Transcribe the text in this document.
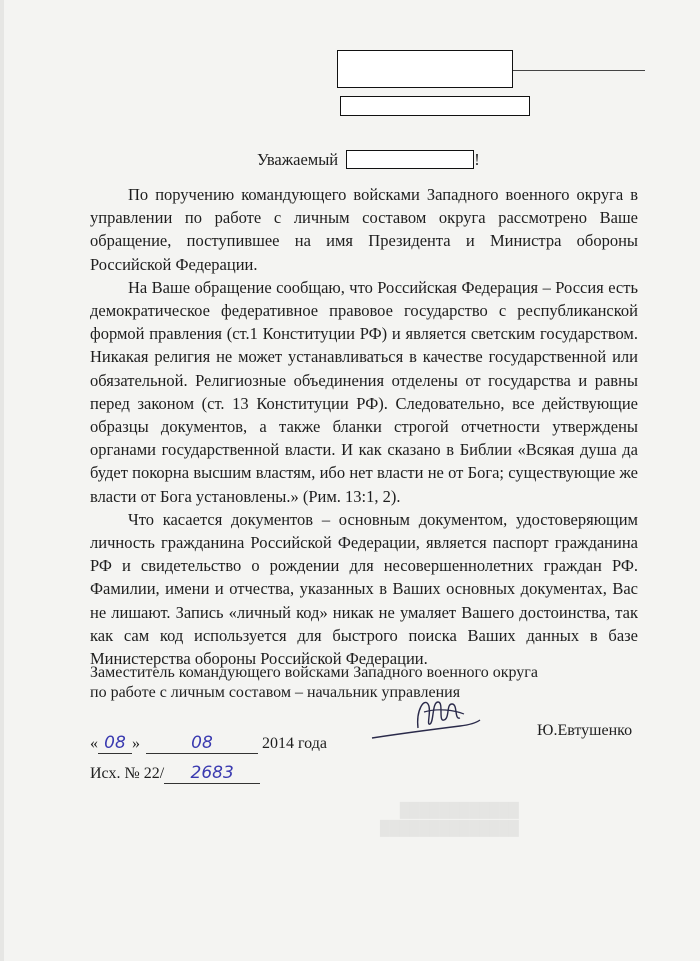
Уважаемый	!

По поручению командующего войсками Западного военного округа в управлении по работе с личным составом округа рассмотрено Ваше обращение, поступившее на имя Президента и Министра обороны Российской Федерации.

На Ваше обращение сообщаю, что Российская Федерация – Россия есть демократическое федеративное правовое государство с республиканской формой правления (ст.1 Конституции РФ) и является светским государством. Никакая религия не может устанавливаться в качестве государственной или обязательной. Религиозные объединения отделены от государства и равны перед законом (ст. 13 Конституции РФ). Следовательно, все действующие образцы документов, а также бланки строгой отчетности утверждены органами государственной власти. И как сказано в Библии «Всякая душа да будет покорна высшим властям, ибо нет власти не от Бога; существующие же власти от Бога установлены.» (Рим. 13:1, 2).

Что касается документов – основным документом, удостоверяющим личность гражданина Российской Федерации, является паспорт гражданина РФ и свидетельство о рождении для несовершеннолетних граждан РФ. Фамилии, имени и отчества, указанных в Ваших основных документах, Вас не лишают. Запись «личный код» никак не умаляет Вашего достоинства, так как сам код используется для быстрого поиска Ваших данных в базе Министерства обороны Российской Федерации.

Заместитель командующего войсками Западного военного округа
по работе с личным составом – начальник управления
Ю.Евтушенко
« 08 »	08	2014 года
Исх. № 22/ 2683
██████████████
████████████
